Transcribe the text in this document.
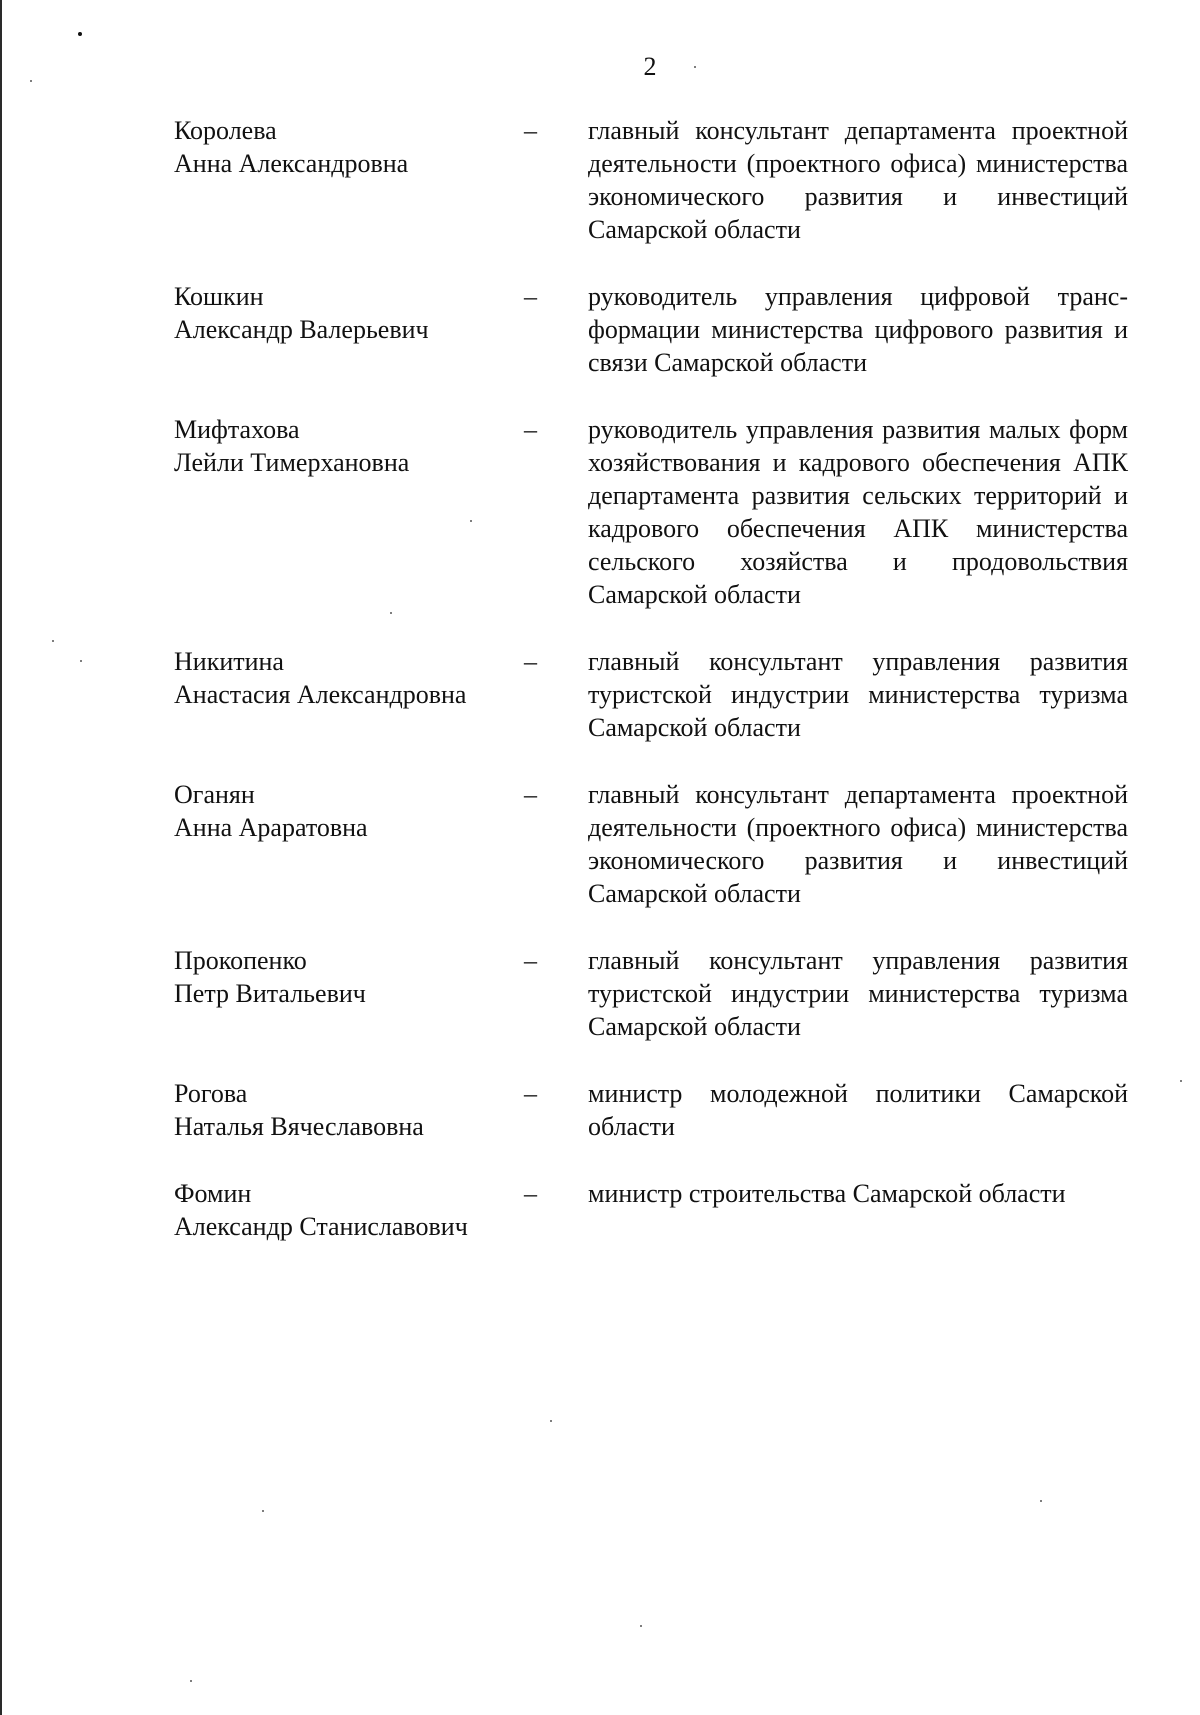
2
Королева
Анна Александровна
–	главный консультант департамента проектной деятельности (проектного офиса) министерства экономического развития и инвестиций Самарской области
Кошкин
Александр Валерьевич
–	руководитель управления цифровой трансформации министерства цифрового развития и связи Самарской области
Мифтахова
Лейли Тимерхановна
–	руководитель управления развития малых форм хозяйствования и кадрового обеспечения АПК департамента развития сельских территорий и кадрового обеспечения АПК министерства сельского хозяйства и продовольствия Самарской области
Никитина
Анастасия Александровна
–	главный консультант управления развития туристской индустрии министерства туризма Самарской области
Оганян
Анна Араратовна
–	главный консультант департамента проектной деятельности (проектного офиса) министерства экономического развития и инвестиций Самарской области
Прокопенко
Петр Витальевич
–	главный консультант управления развития туристской индустрии министерства туризма Самарской области
Рогова
Наталья Вячеславовна
–	министр молодежной политики Самарской области
Фомин
Александр Станиславович
–	министр строительства Самарской области
